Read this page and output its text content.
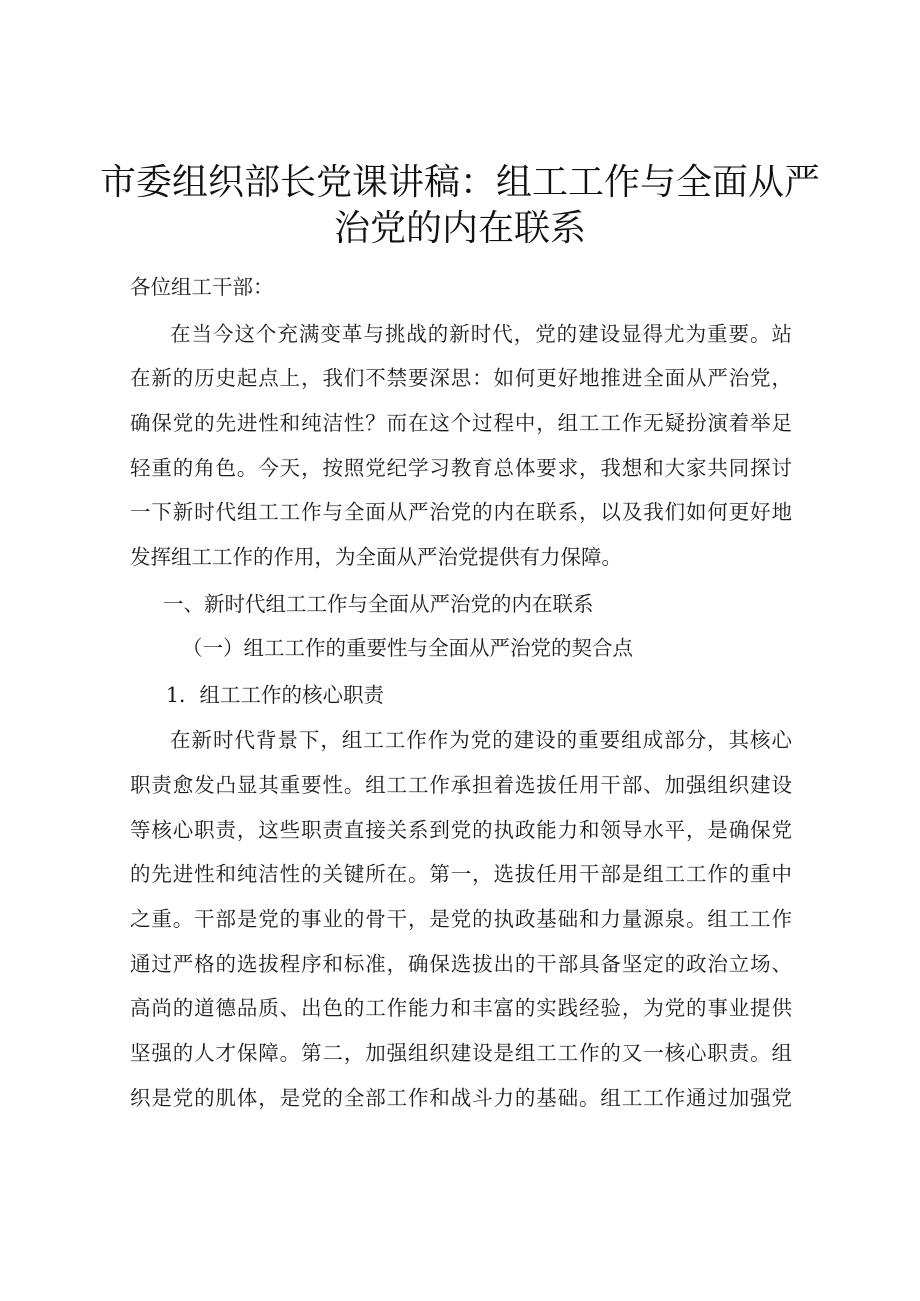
市委组织部长党课讲稿：组工工作与全面从严
治党的内在联系
各位组工干部：
在当今这个充满变革与挑战的新时代，党的建设显得尤为重要。站
在新的历史起点上，我们不禁要深思：如何更好地推进全面从严治党，
确保党的先进性和纯洁性？而在这个过程中，组工工作无疑扮演着举足
轻重的角色。今天，按照党纪学习教育总体要求，我想和大家共同探讨
一下新时代组工工作与全面从严治党的内在联系，以及我们如何更好地
发挥组工工作的作用，为全面从严治党提供有力保障。
一、新时代组工工作与全面从严治党的内在联系
（一）组工工作的重要性与全面从严治党的契合点
1．组工工作的核心职责
在新时代背景下，组工工作作为党的建设的重要组成部分，其核心
职责愈发凸显其重要性。组工工作承担着选拔任用干部、加强组织建设
等核心职责，这些职责直接关系到党的执政能力和领导水平，是确保党
的先进性和纯洁性的关键所在。第一，选拔任用干部是组工工作的重中
之重。干部是党的事业的骨干，是党的执政基础和力量源泉。组工工作
通过严格的选拔程序和标准，确保选拔出的干部具备坚定的政治立场、
高尚的道德品质、出色的工作能力和丰富的实践经验，为党的事业提供
坚强的人才保障。第二，加强组织建设是组工工作的又一核心职责。组
织是党的肌体，是党的全部工作和战斗力的基础。组工工作通过加强党
